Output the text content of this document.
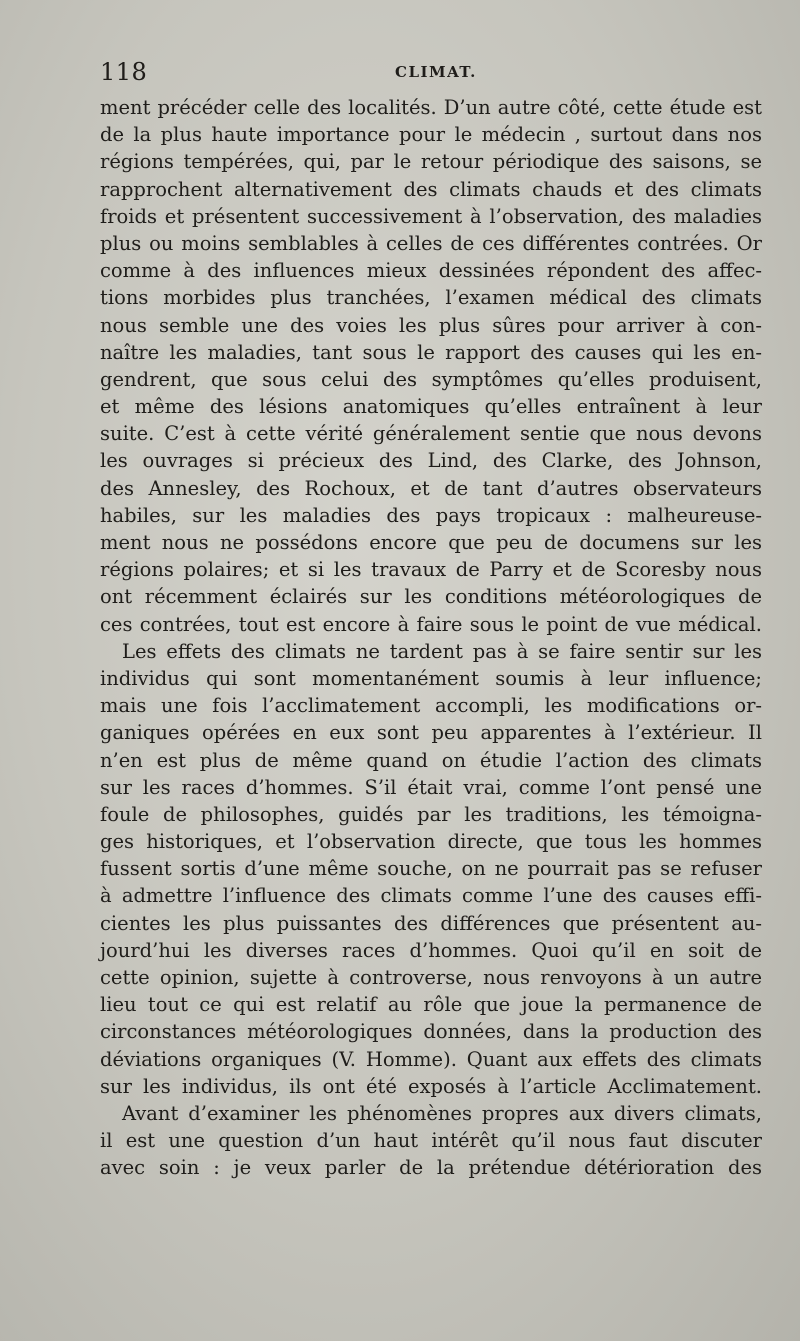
118	CLIMAT.
ment précéder celle des localités. D’un autre côté, cette étude est
de la plus haute importance pour le médecin , surtout dans nos
régions tempérées, qui, par le retour périodique des saisons, se
rapprochent alternativement des climats chauds et des climats
froids et présentent successivement à l’observation, des maladies
plus ou moins semblables à celles de ces différentes contrées. Or
comme à des influences mieux dessinées répondent des affec-
tions morbides plus tranchées, l’examen médical des climats
nous semble une des voies les plus sûres pour arriver à con-
naître les maladies, tant sous le rapport des causes qui les en-
gendrent, que sous celui des symptômes qu’elles produisent,
et même des lésions anatomiques qu’elles entraînent à leur
suite. C’est à cette vérité généralement sentie que nous devons
les ouvrages si précieux des Lind, des Clarke, des Johnson,
des Annesley, des Rochoux, et de tant d’autres observateurs
habiles, sur les maladies des pays tropicaux : malheureuse-
ment nous ne possédons encore que peu de documens sur les
régions polaires; et si les travaux de Parry et de Scoresby nous
ont récemment éclairés sur les conditions météorologiques de
ces contrées, tout est encore à faire sous le point de vue médical.
Les effets des climats ne tardent pas à se faire sentir sur les
individus qui sont momentanément soumis à leur influence;
mais une fois l’acclimatement accompli, les modifications or-
ganiques opérées en eux sont peu apparentes à l’extérieur. Il
n’en est plus de même quand on étudie l’action des climats
sur les races d’hommes. S’il était vrai, comme l’ont pensé une
foule de philosophes, guidés par les traditions, les témoigna-
ges historiques, et l’observation directe, que tous les hommes
fussent sortis d’une même souche, on ne pourrait pas se refuser
à admettre l’influence des climats comme l’une des causes effi-
cientes les plus puissantes des différences que présentent au-
jourd’hui les diverses races d’hommes. Quoi qu’il en soit de
cette opinion, sujette à controverse, nous renvoyons à un autre
lieu tout ce qui est relatif au rôle que joue la permanence de
circonstances météorologiques données, dans la production des
déviations organiques (V. Homme). Quant aux effets des climats
sur les individus, ils ont été exposés à l’article Acclimatement.
Avant d’examiner les phénomènes propres aux divers climats,
il est une question d’un haut intérêt qu’il nous faut discuter
avec soin : je veux parler de la prétendue détérioration des
